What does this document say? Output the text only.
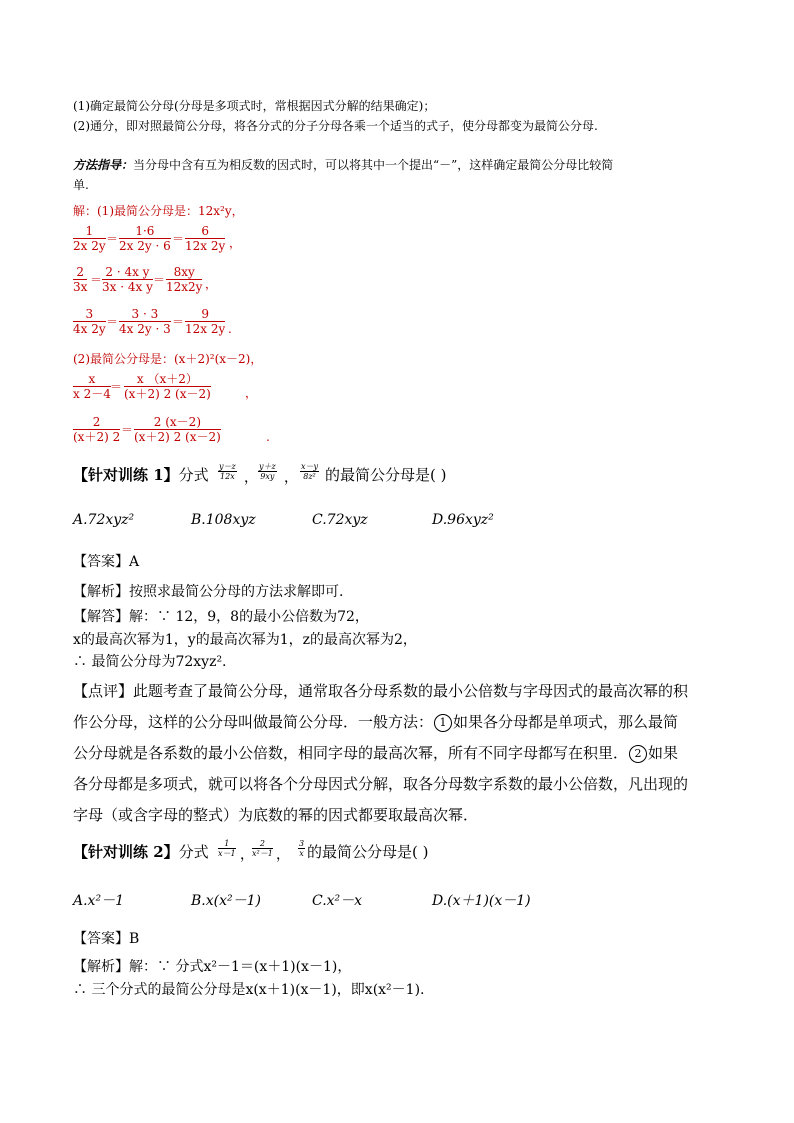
(1)确定最简公分母(分母是多项式时，常根据因式分解的结果确定)；
(2)通分，即对照最简公分母，将各分式的分子分母各乘一个适当的式子，使分母都变为最简公分母.
方法指导：当分母中含有互为相反数的因式时，可以将其中一个提出“－”，这样确定最简公分母比较简
单.
解：(1)最简公分母是：12x²y，
$\frac{1}{2x 2y} = \frac{1\cdot 6}{2x 2y \cdot 6} = \frac{6}{12x 2y}$ ，
$\frac{2}{3x} = \frac{\text{2 · 4x y}}{\text{3x · 4x y}} = \frac{8xy}{12x2y}$ ，
$\frac{3}{4x 2y} = \frac{3 \cdot 3}{4x 2y \cdot 3} = \frac{9}{12x 2y}$ .
(2)最简公分母是：(x＋2)²(x－2)，
$\frac{x}{x 2-4} = \frac{x (x+2)}{(x+2) 2 (x-2)}$	，
$\frac{2}{(x+2) 2} = \frac{2 (x-2)}{(x+2) 2 (x-2)}$	.
【针对训练 1】分式 $\frac{y-z}{12x}$ ， $\frac{y+z}{9xy}$ ， $\frac{x-y}{\text{8z²}}$ 的最简公分母是( )
A.72xyz²	B.108xyz	C.72xyz	D.96xyz²
【答案】A
【解析】按照求最简公分母的方法求解即可.
【解答】解：∵ 12，9，8的最小公倍数为72，
x的最高次幂为1，y的最高次幂为1，z的最高次幂为2，
∴ 最简公分母为72xyz².
【点评】此题考查了最简公分母，通常取各分母系数的最小公倍数与字母因式的最高次幂的积
作公分母，这样的公分母叫做最简公分母．一般方法： 1 如果各分母都是单项式，那么最简
公分母就是各系数的最小公倍数，相同字母的最高次幂，所有不同字母都写在积里． 2 如果
各分母都是多项式，就可以将各个分母因式分解，取各分母数字系数的最小公倍数，凡出现的
字母（或含字母的整式）为底数的幂的因式都要取最高次幂．
【针对训练 2】分式 $\frac{1}{x-1}$ ，
$\frac{2}{\text{x²－1}}$ ， $\frac{3}{x}$ 的最简公分母是( )
A.x²－1	B.x(x²－1)	C.x²－x	D.(x＋1)(x－1)
【答案】B
【解析】解：∵ 分式x²－1＝(x＋1)(x－1)，
∴ 三个分式的最简公分母是x(x＋1)(x－1)，即x(x²－1).
